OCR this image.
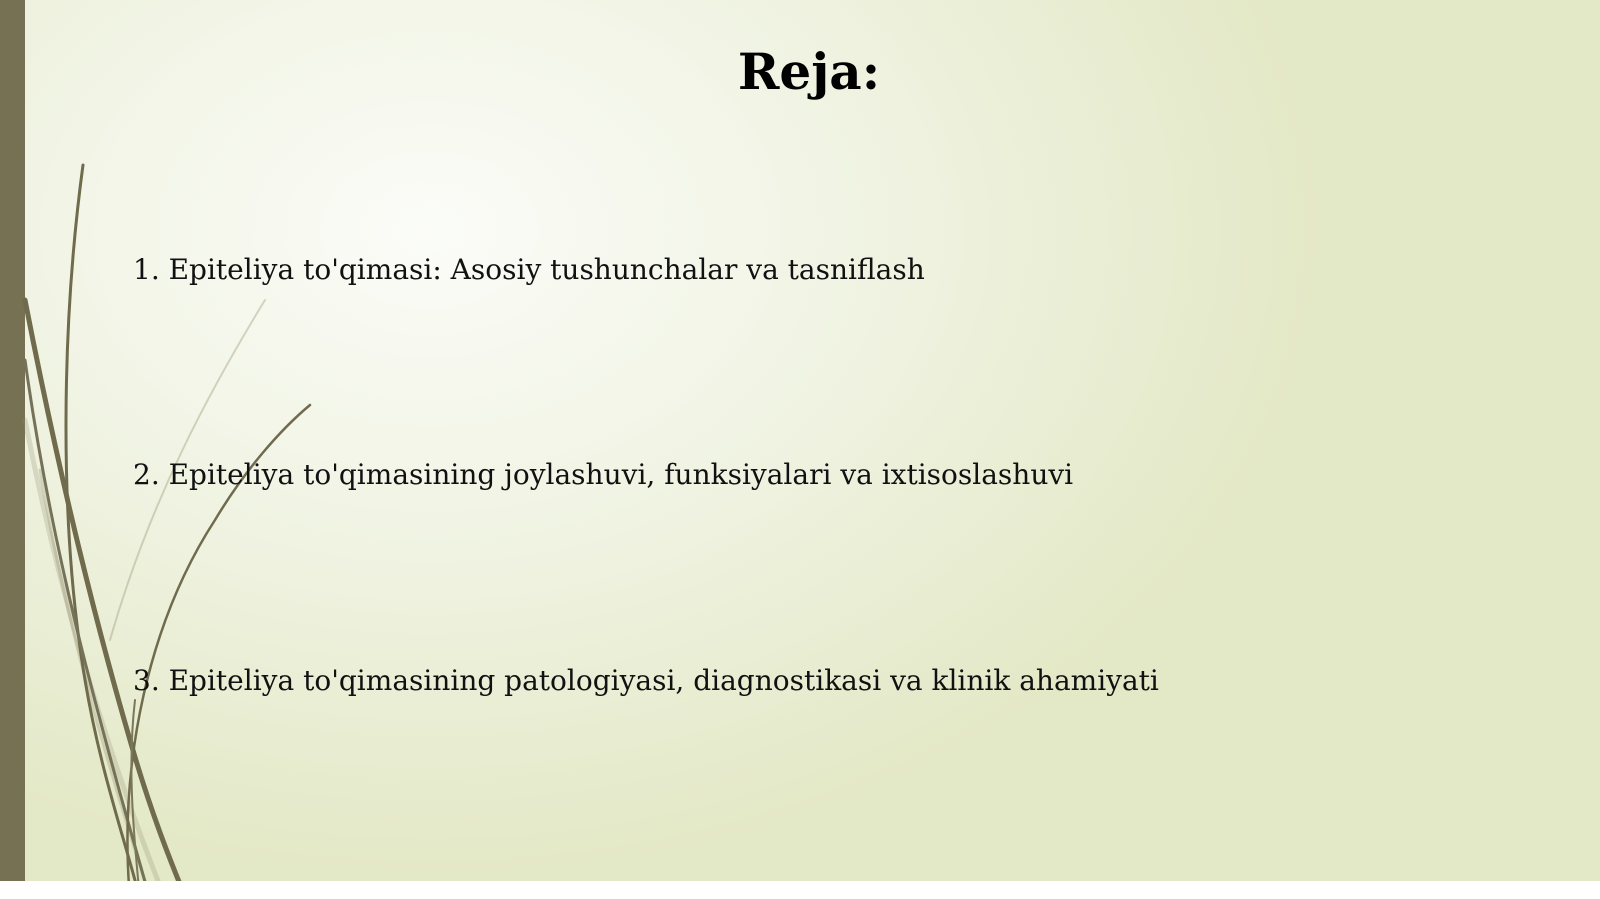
Reja:
1. Epiteliya to'qimasi: Asosiy tushunchalar va tasniflash
2. Epiteliya to'qimasining joylashuvi, funksiyalari va ixtisoslashuvi
3. Epiteliya to'qimasining patologiyasi, diagnostikasi va klinik ahamiyati
